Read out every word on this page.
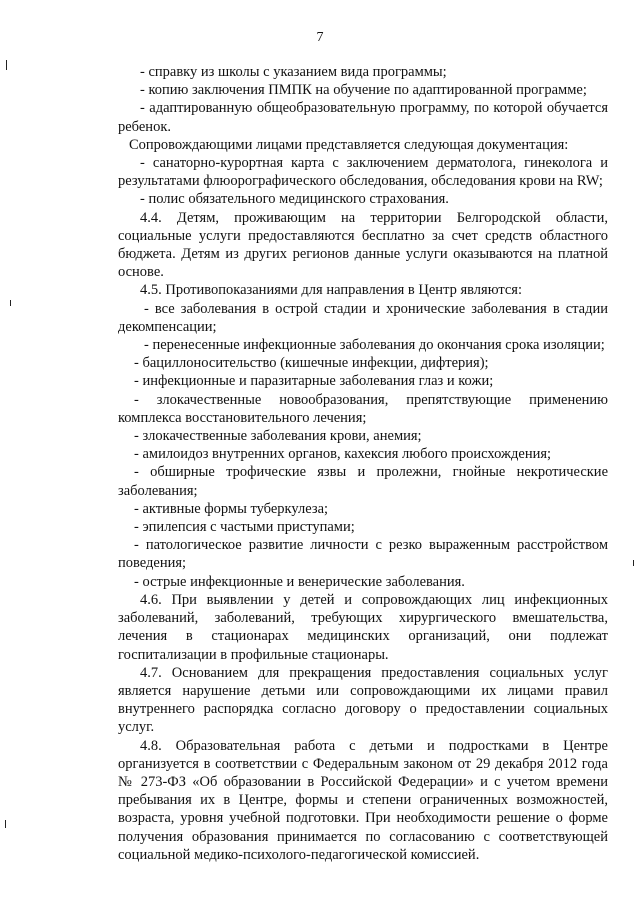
7

- справку из школы с указанием вида программы;

- копию заключения ПМПК на обучение по адаптированной программе;

- адаптированную общеобразовательную программу, по которой обучается ребенок.

Сопровождающими лицами представляется следующая документация:

- санаторно-курортная карта с заключением дерматолога, гинеколога и результатами флюорографического обследования, обследования крови на RW;

- полис обязательного медицинского страхования.

4.4. Детям, проживающим на территории Белгородской области, социальные услуги предоставляются бесплатно за счет средств областного бюджета. Детям из других регионов данные услуги оказываются на платной основе.

4.5. Противопоказаниями для направления в Центр являются:

- все заболевания в острой стадии и хронические заболевания в стадии декомпенсации;

- перенесенные инфекционные заболевания до окончания срока изоляции;

- бациллоносительство (кишечные инфекции, дифтерия);

- инфекционные и паразитарные заболевания глаз и кожи;

- злокачественные новообразования, препятствующие применению комплекса восстановительного лечения;

- злокачественные заболевания крови, анемия;

- амилоидоз внутренних органов, кахексия любого происхождения;

- обширные трофические язвы и пролежни, гнойные некротические заболевания;

- активные формы туберкулеза;

- эпилепсия с частыми приступами;

- патологическое развитие личности с резко выраженным расстройством поведения;

- острые инфекционные и венерические заболевания.

4.6. При выявлении у детей и сопровождающих лиц инфекционных заболеваний, заболеваний, требующих хирургического вмешательства, лечения в стационарах медицинских организаций, они подлежат госпитализации в профильные стационары.

4.7. Основанием для прекращения предоставления социальных услуг является нарушение детьми или сопровождающими их лицами правил внутреннего распорядка согласно договору о предоставлении социальных услуг.

4.8. Образовательная работа с детьми и подростками в Центре организуется в соответствии с Федеральным законом от 29 декабря 2012 года № 273-ФЗ «Об образовании в Российской Федерации» и с учетом времени пребывания их в Центре, формы и степени ограниченных возможностей, возраста, уровня учебной подготовки. При необходимости решение о форме получения образования принимается по согласованию с соответствующей социальной медико-психолого-педагогической комиссией.
